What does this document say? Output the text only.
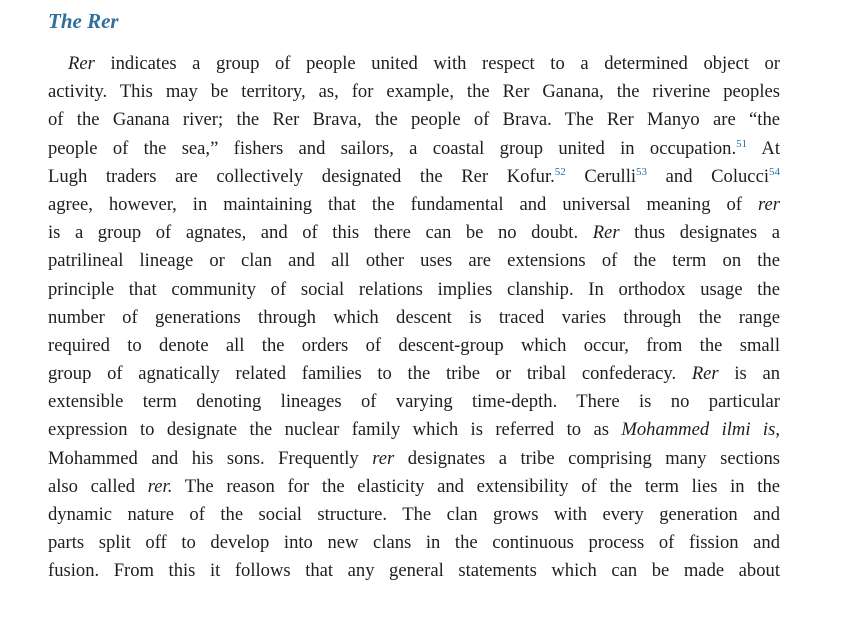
The Rer
Rer indicates a group of people united with respect to a determined object or
activity. This may be territory, as, for example, the Rer Ganana, the riverine peoples
of the Ganana river; the Rer Brava, the people of Brava. The Rer Manyo are “the
people of the sea,” fishers and sailors, a coastal group united in occupation.$^{51}$ At
Lugh traders are collectively designated the Rer Kofur.$^{52}$ Cerulli$^{53}$ and Colucci$^{54}$
agree, however, in maintaining that the fundamental and universal meaning of rer
is a group of agnates, and of this there can be no doubt. Rer thus designates a
patrilineal lineage or clan and all other uses are extensions of the term on the
principle that community of social relations implies clanship. In orthodox usage the
number of generations through which descent is traced varies through the range
required to denote all the orders of descent-group which occur, from the small
group of agnatically related families to the tribe or tribal confederacy. Rer is an
extensible term denoting lineages of varying time-depth. There is no particular
expression to designate the nuclear family which is referred to as Mohammed ilmi is,
Mohammed and his sons. Frequently rer designates a tribe comprising many sections
also called rer. The reason for the elasticity and extensibility of the term lies in the
dynamic nature of the social structure. The clan grows with every generation and
parts split off to develop into new clans in the continuous process of fission and
fusion. From this it follows that any general statements which can be made about
